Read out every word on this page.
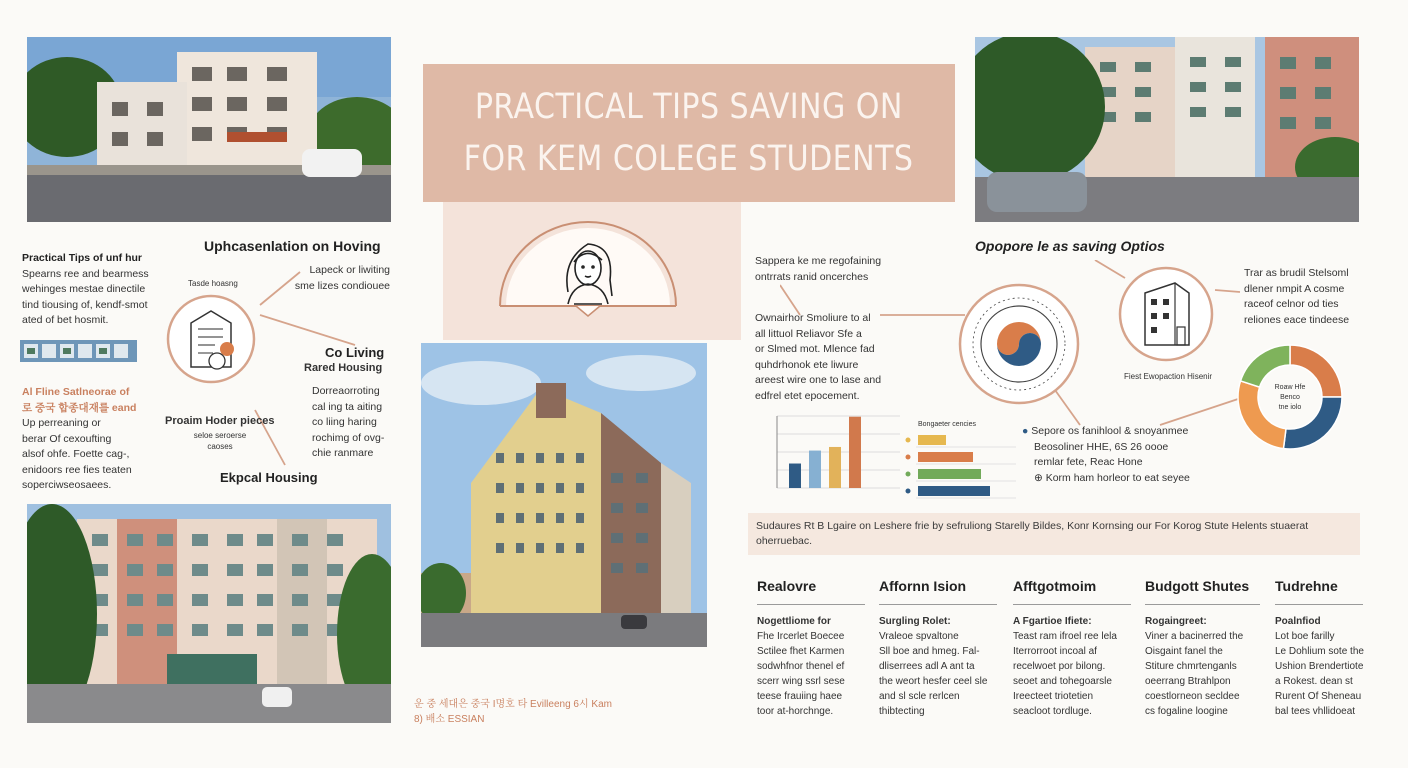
PRACTICAL TIPS SAVING ON
FOR KEM COLEGE STUDENTS
Practical Tips of unf hur
Spearns ree and bearmess
wehinges mestae dinectile
tind tiousing of, kendf-smot
ated of bet hosmit.
Uphcasenlation on Hoving
Tasde hoasng
Lapeck or liwiting
sme lizes condiouee
Co Living
Rared Housing
Dorreaorroting
cal ing ta aiting
co liing haring
rochimg of ovg-
chie ranmare
Al Fline Satlneorae of
로 중국 합종대재를 eand
Up perreaning or
berar Of cexoufting
alsof ohfe. Foette cag-,
enidoors ree fies teaten
soperciwseosaees.
Proaim Hoder pieces
seloe seroerse
caoses
Ekpcal Housing
운 중 세대은 중국 I명호 타 Evilleeng 6시 Kam
8) 배소 ESSIAN
Sappera ke me regofaining
ontrrats ranid oncerches
Ownairhor Smoliure to al
all littuol Reliavor Sfe a
or Slmed mot. Mlence fad
quhdrhonok ete liwure
areest wire one to lase and
edfrel etet epocement.
Opopore le as saving Optios
Fiest Ewopaction Hisenir
Trar as brudil Stelsoml
dlener nmpit A cosme
raceof celnor od ties
reliones eace tindeese
Roaw Hfe
Benco
tne iolo
Bongaeter cencies
● Sepore os fanihlool & snoyanmee
Beosoliner HHE, 6S 26 oooe
remlar fete, Reac Hone
⊕ Korm ham horleor to eat seyee
Sudaures Rt B Lgaire on Leshere frie by sefruliong Starelly Bildes, Konr Kornsing our For Korog Stute Helents stuaerat oherruebac.
Realovre
Nogettliome for
Fhe Ircerlet Boecee
Sctilee fhet Karmen
sodwhfnor thenel ef
scerr wing ssrl sese
teese frauiing haee
toor at-horchnge.
Affornn Ision
Surgling Rolet:
Vraleoe spvaltone
Sll boe and hmeg. Fal-
dliserrees adl A ant ta
the weort hesfer ceel sle
and sl scle rerlcen
thibtecting
Afftgotmoim
A Fgartioe Ifiete:
Teast ram ifroel ree lela
Iterrorroot incoal af
recelwoet por bilong.
seoet and tohegoarsle
Ireecteet triotetien
seacloot tordluge.
Budgott Shutes
Rogaingreet:
Viner a bacinerred the
Oisgaint fanel the
Stiture chmrtenganls
oeerrang Btrahlpon
coestlorneon secldee
cs fogaline loogine
Tudrehne
Poalnfiod
Lot boe farilly
Le Dohlium sote the
Ushion Brendertiote
a Rokest. dean st
Rurent Of Sheneau
bal tees vhllidoeat
